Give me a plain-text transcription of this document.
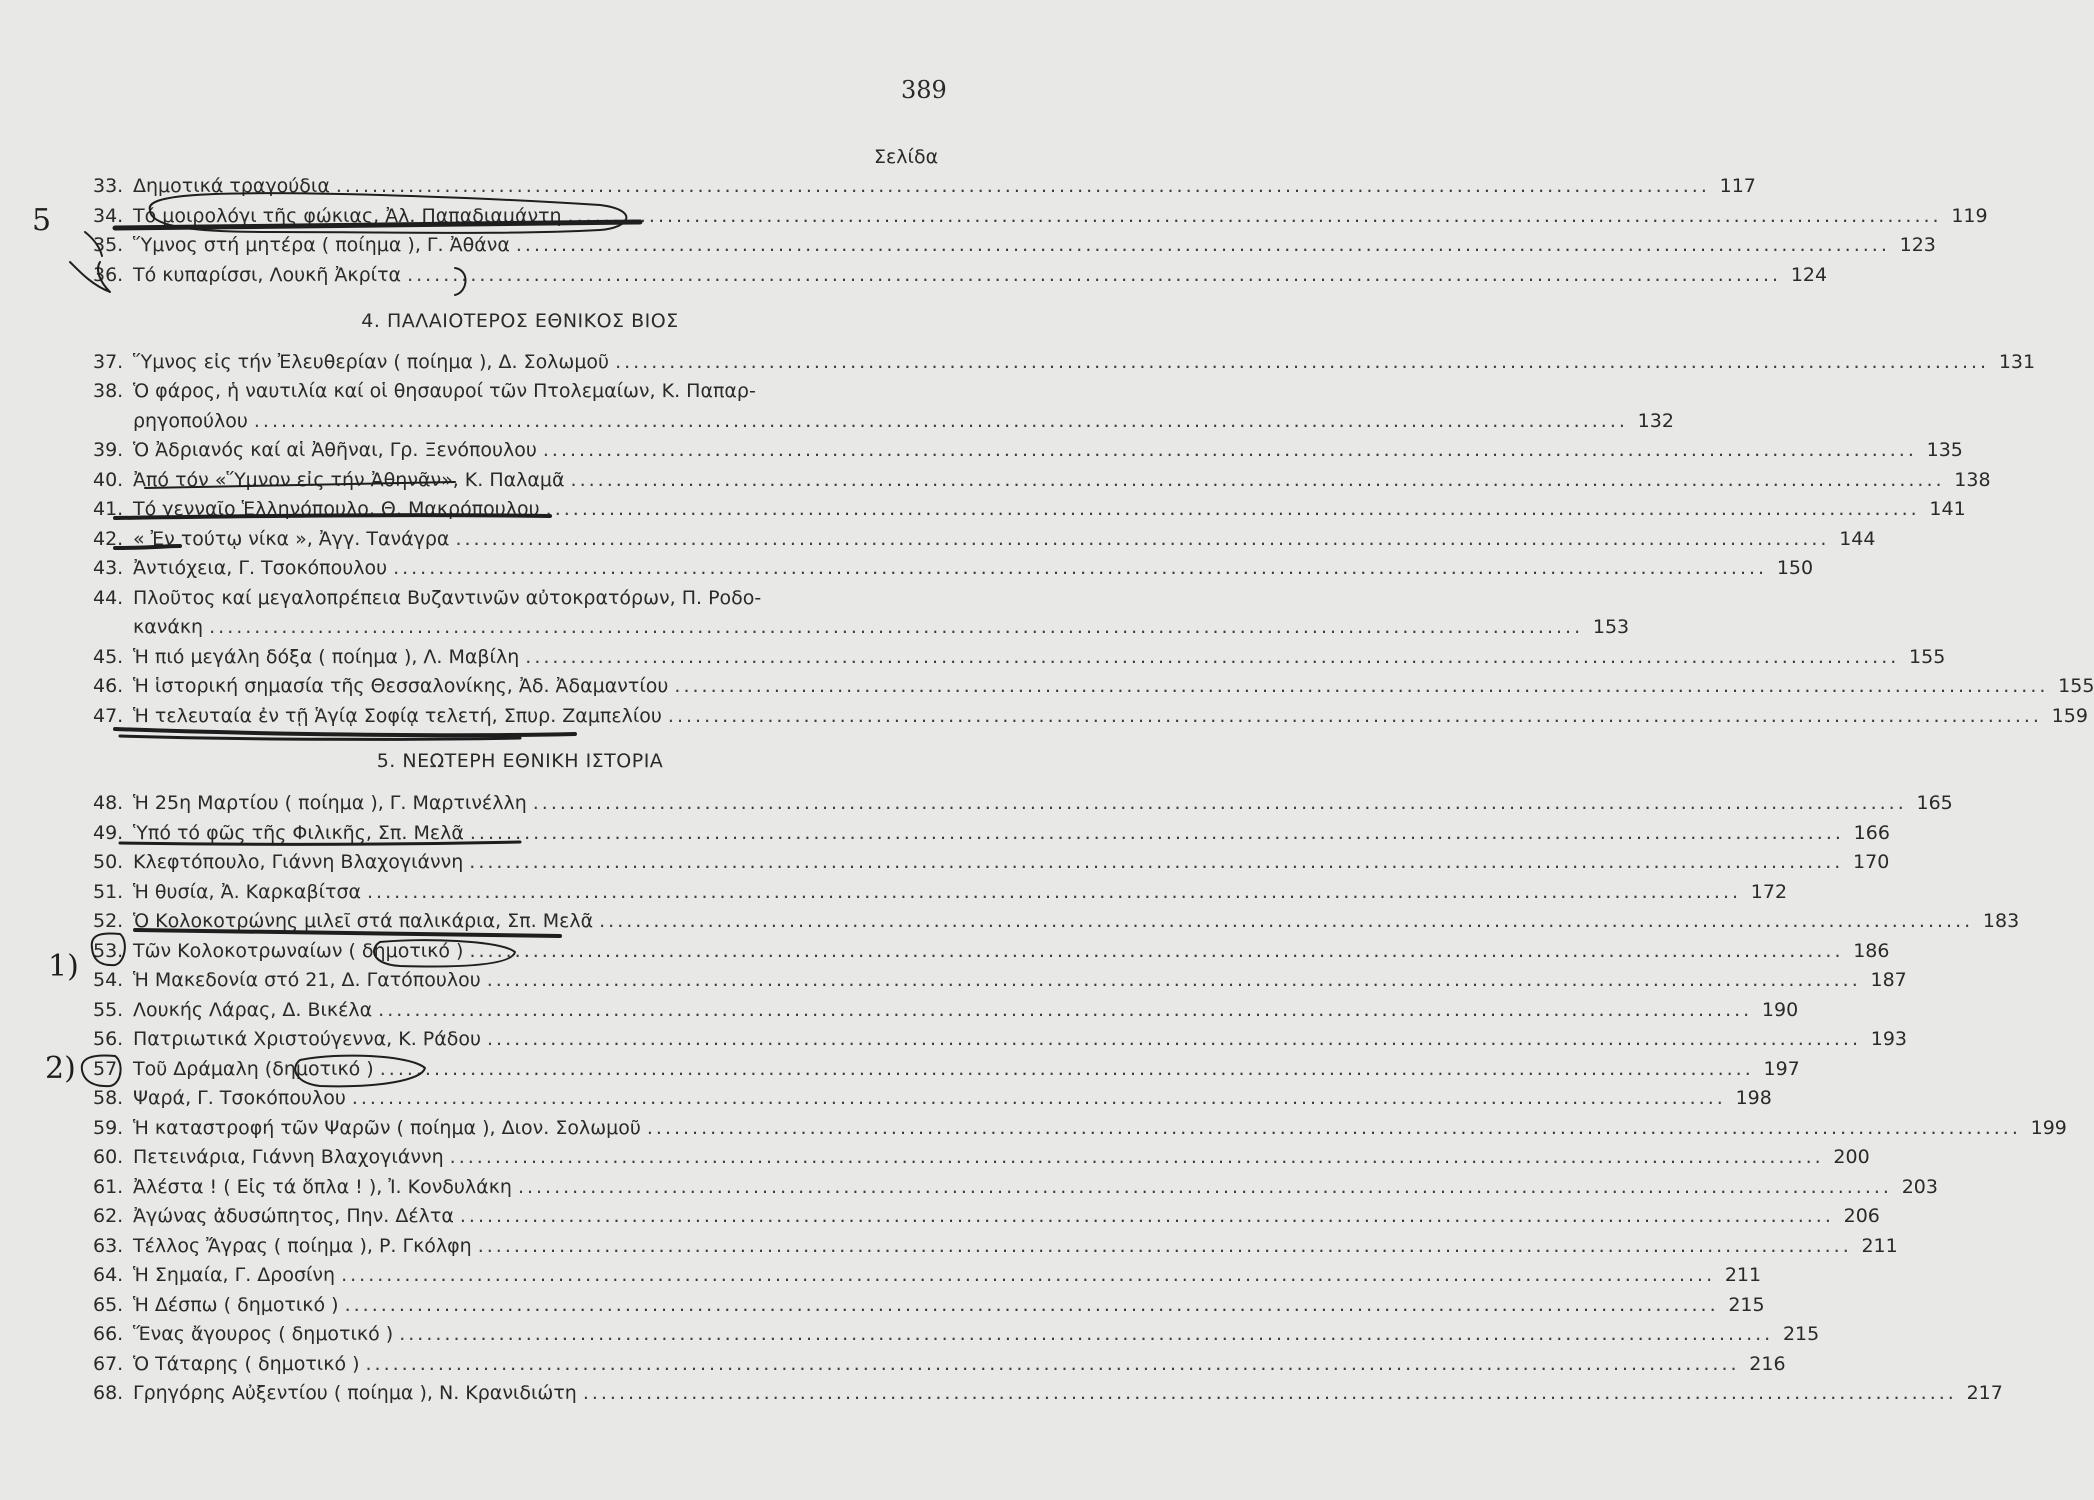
389
Σελίδα
33. Δημοτικά τραγούδια .....	117
34. Τό μοιρολόγι τῆς φώκιας, Ἀλ. Παπαδιαμάντη .....	119
35. Ὕμνος στή μητέρα ( ποίημα ), Γ. Ἀθάνα .....	123
36. Τό κυπαρίσσι, Λουκῆ Ἀκρίτα .....	124
4. ΠΑΛΑΙΟΤΕΡΟΣ ΕΘΝΙΚΟΣ ΒΙΟΣ
37. Ὕμνος εἰς τήν Ἐλευθερίαν ( ποίημα ), Δ. Σολωμοῦ .....	131
38. Ὁ φάρος, ἡ ναυτιλία καί οἱ θησαυροί τῶν Πτολεμαίων, Κ. Παπαρ-
ρηγοπούλου .....	132
39. Ὁ Ἀδριανός καί αἱ Ἀθῆναι, Γρ. Ξενόπουλου .....	135
40. Ἀπό τόν «Ὕμνον εἰς τήν Ἀθηνᾶν», Κ. Παλαμᾶ .....	138
41. Τό γενναῖο Ἑλληνόπουλο, Θ. Μακρόπουλου .....	141
42. « Ἐν τούτῳ νίκα », Ἀγγ. Τανάγρα .....	144
43. Ἀντιόχεια, Γ. Τσοκόπουλου .....	150
44. Πλοῦτος καί μεγαλοπρέπεια Βυζαντινῶν αὐτοκρατόρων, Π. Ροδο-
κανάκη .....	153
45. Ἡ πιό μεγάλη δόξα ( ποίημα ), Λ. Μαβίλη .....	155
46. Ἡ ἱστορική σημασία τῆς Θεσσαλονίκης, Ἀδ. Ἀδαμαντίου .....	155
47. Ἡ τελευταία ἐν τῇ Ἁγίᾳ Σοφίᾳ τελετή, Σπυρ. Ζαμπελίου .....	159
5. ΝΕΩΤΕΡΗ ΕΘΝΙΚΗ ΙΣΤΟΡΙΑ
48. Ἡ 25η Μαρτίου ( ποίημα ), Γ. Μαρτινέλλη .....	165
49. Ὑπό τό φῶς τῆς Φιλικῆς, Σπ. Μελᾶ .....	166
50. Κλεφτόπουλο, Γιάννη Βλαχογιάννη .....	170
51. Ἡ θυσία, Ἀ. Καρκαβίτσα .....	172
52. Ὁ Κολοκοτρώνης μιλεῖ στά παλικάρια, Σπ. Μελᾶ .....	183
53. Τῶν Κολοκοτρωναίων ( δημοτικό ) .....	186
54. Ἡ Μακεδονία στό 21, Δ. Γατόπουλου .....	187
55. Λουκής Λάρας, Δ. Βικέλα .....	190
56. Πατριωτικά Χριστούγεννα, Κ. Ράδου .....	193
57. Τοῦ Δράμαλη (δημοτικό ) .....	197
58. Ψαρά, Γ. Τσοκόπουλου .....	198
59. Ἡ καταστροφή τῶν Ψαρῶν ( ποίημα ), Διον. Σολωμοῦ .....	199
60. Πετεινάρια, Γιάννη Βλαχογιάννη .....	200
61. Ἀλέστα ! ( Εἰς τά ὅπλα ! ), Ἰ. Κονδυλάκη .....	203
62. Ἀγώνας ἀδυσώπητος, Πην. Δέλτα .....	206
63. Τέλλος Ἄγρας ( ποίημα ), Ρ. Γκόλφη .....	211
64. Ἡ Σημαία, Γ. Δροσίνη .....	211
65. Ἡ Δέσπω ( δημοτικό ) .....	215
66. Ἕνας ἄγουρος ( δημοτικό ) .....	215
67. Ὁ Τάταρης ( δημοτικό ) .....	216
68. Γρηγόρης Αὐξεντίου ( ποίημα ), Ν. Κρανιδιώτη .....	217
5
1)
2)
